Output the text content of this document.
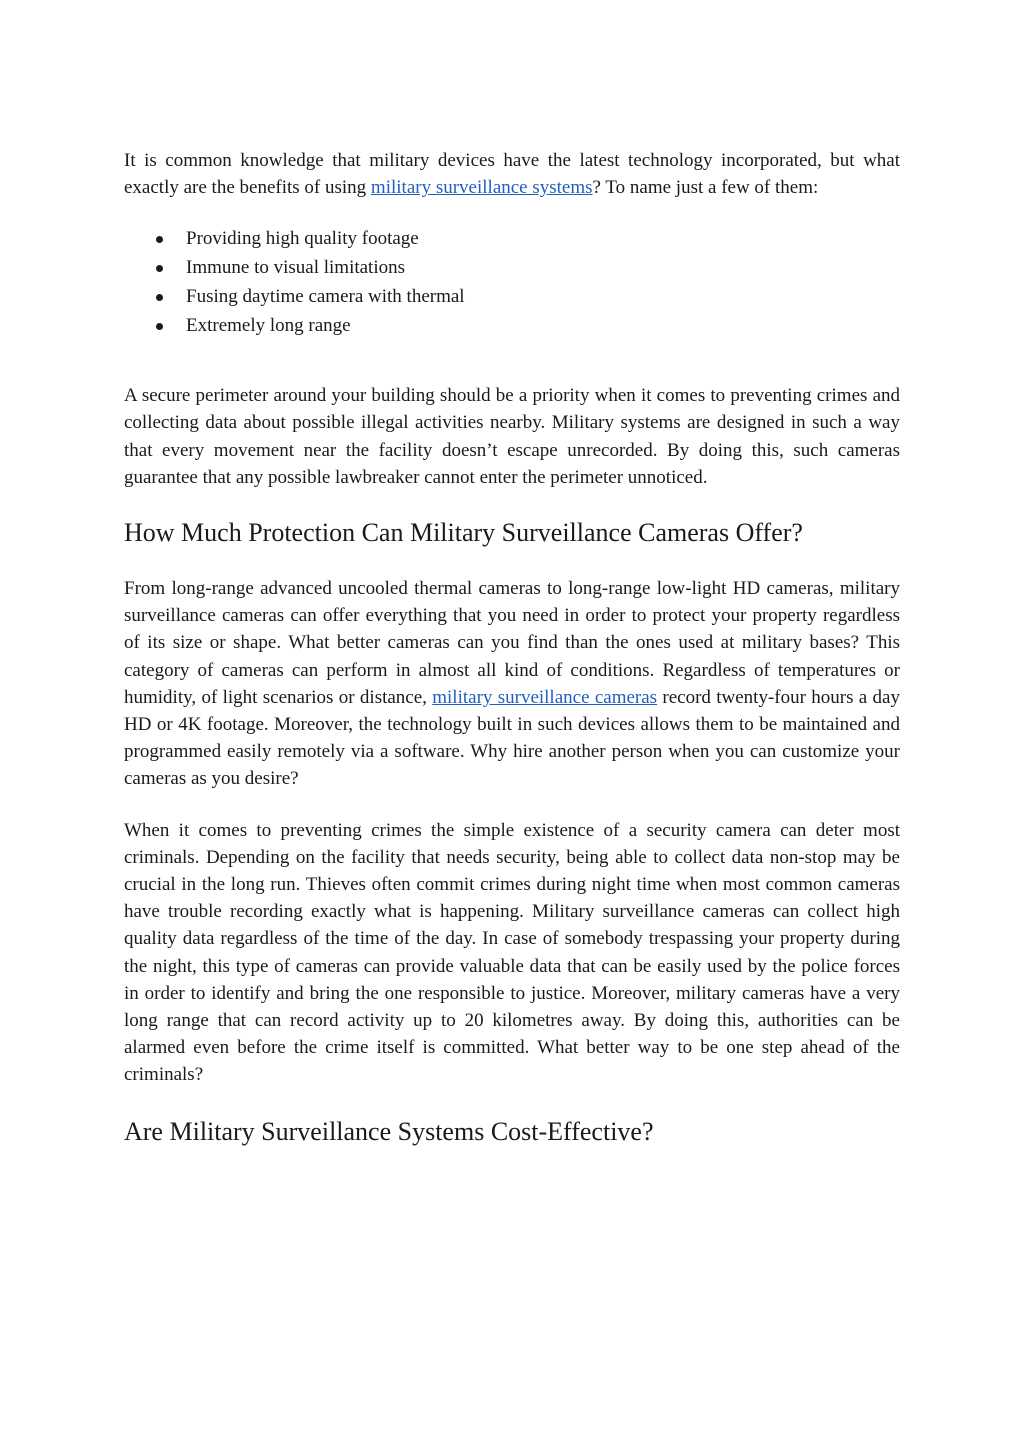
It is common knowledge that military devices have the latest technology incorporated, but what exactly are the benefits of using military surveillance systems? To name just a few of them:

Providing high quality footage
Immune to visual limitations
Fusing daytime camera with thermal
Extremely long range

A secure perimeter around your building should be a priority when it comes to preventing crimes and collecting data about possible illegal activities nearby. Military systems are designed in such a way that every movement near the facility doesn’t escape unrecorded. By doing this, such cameras guarantee that any possible lawbreaker cannot enter the perimeter unnoticed.

How Much Protection Can Military Surveillance Cameras Offer?

From long-range advanced uncooled thermal cameras to long-range low-light HD cameras, military surveillance cameras can offer everything that you need in order to protect your property regardless of its size or shape. What better cameras can you find than the ones used at military bases? This category of cameras can perform in almost all kind of conditions. Regardless of temperatures or humidity, of light scenarios or distance, military surveillance cameras record twenty-four hours a day HD or 4K footage. Moreover, the technology built in such devices allows them to be maintained and programmed easily remotely via a software. Why hire another person when you can customize your cameras as you desire?

When it comes to preventing crimes the simple existence of a security camera can deter most criminals. Depending on the facility that needs security, being able to collect data non-stop may be crucial in the long run. Thieves often commit crimes during night time when most common cameras have trouble recording exactly what is happening. Military surveillance cameras can collect high quality data regardless of the time of the day. In case of somebody trespassing your property during the night, this type of cameras can provide valuable data that can be easily used by the police forces in order to identify and bring the one responsible to justice. Moreover, military cameras have a very long range that can record activity up to 20 kilometres away. By doing this, authorities can be alarmed even before the crime itself is committed. What better way to be one step ahead of the criminals?

Are Military Surveillance Systems Cost-Effective?
